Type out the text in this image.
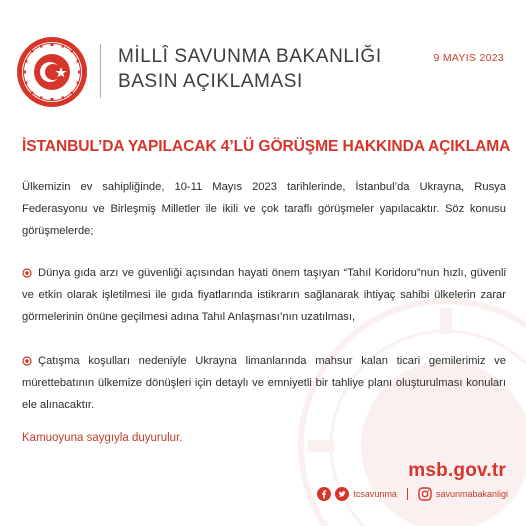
MİLLÎ SAVUNMA BAKANLIĞI
BASIN AÇIKLAMASI
9 MAYIS 2023
İSTANBUL’DA YAPILACAK 4’LÜ GÖRÜŞME HAKKINDA AÇIKLAMA

Ülkemizin ev sahipliğinde, 10-11 Mayıs 2023 tarihlerinde, İstanbul’da Ukrayna, Rusya Federasyonu ve Birleşmiş Milletler ile ikili ve çok taraflı görüşmeler yapılacaktır. Söz konusu görüşmelerde;

Dünya gıda arzı ve güvenliği açısından hayati önem taşıyan “Tahıl Koridoru”nun hızlı, güvenli ve etkin olarak işletilmesi ile gıda fiyatlarında istikrarın sağlanarak ihtiyaç sahibi ülkelerin zarar görmelerinin önüne geçilmesi adına Tahıl Anlaşması’nın uzatılması,
Çatışma koşulları nedeniyle Ukrayna limanlarında mahsur kalan ticari gemilerimiz ve mürettebatının ülkemize dönüşleri için detaylı ve emniyetli bir tahliye planı oluşturulması konuları ele alınacaktır.
Kamuoyuna saygıyla duyurulur.
msb.gov.tr
tcsavunma	savunmabakanligi
